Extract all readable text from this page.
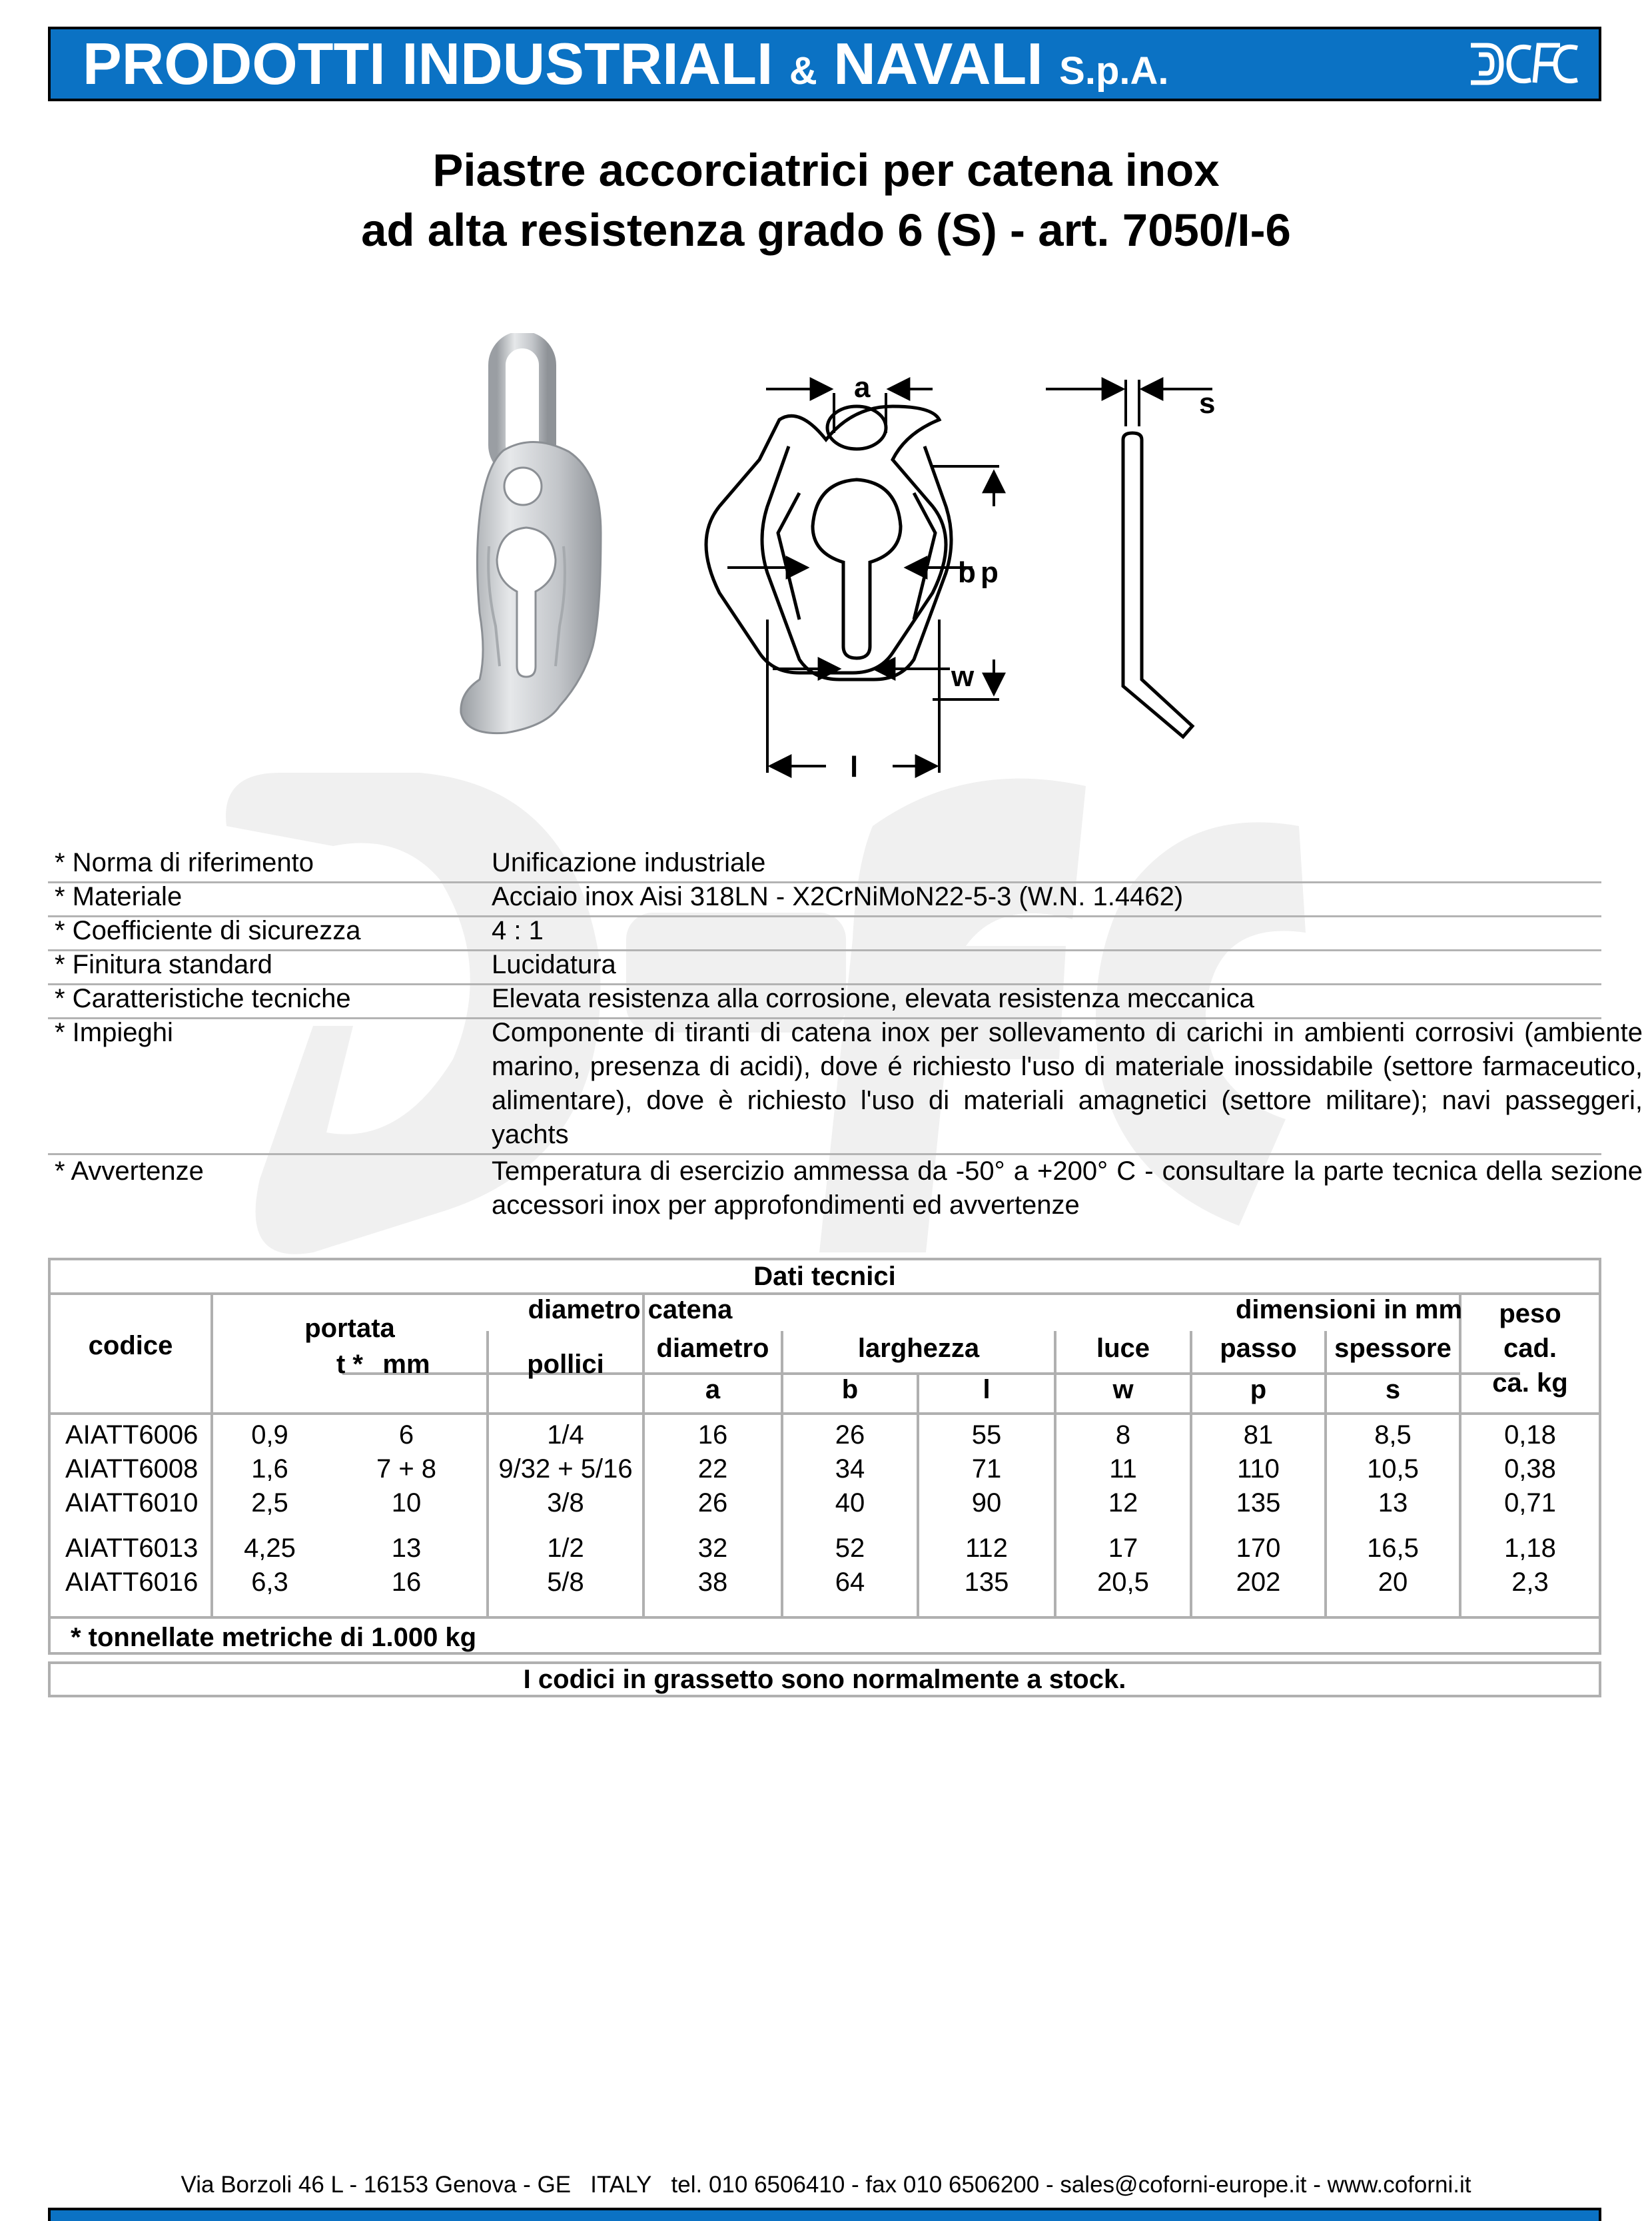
PRODOTTI INDUSTRIALI & NAVALI S.p.A.
Piastre accorciatrici per catena inox
ad alta resistenza grado 6 (S) - art. 7050/I-6
a	s
b p
w
l
* Norma di riferimento	Unificazione industriale
* Materiale	Acciaio inox Aisi 318LN - X2CrNiMoN22-5-3 (W.N. 1.4462)
* Coefficiente di sicurezza	4 : 1
* Finitura standard	Lucidatura
* Caratteristiche tecniche	Elevata resistenza alla corrosione, elevata resistenza meccanica
* Impieghi	Componente di tiranti di catena inox per sollevamento di carichi in ambienti corrosivi (ambiente marino, presenza di acidi), dove é richiesto l'uso di materiale inossidabile (settore farmaceutico, alimentare), dove è richiesto l'uso di materiali amagnetici (settore militare); navi passeggeri, yachts
* Avvertenze	Temperatura di esercizio ammessa da -50° a +200° C - consultare la parte tecnica della sezione accessori inox per approfondimenti ed avvertenze
Dati tecnici
codice
portata
t *
diametro catena
mm	pollici
dimensioni in mm
diametro
a
larghezza
b	l
luce
w
passo
p
spessore
s
peso
cad.
ca. kg
AIATT6006	0,9	6	1/4	16	26	55	8	81	8,5	0,18
AIATT6008	1,6	7 + 8	9/32 + 5/16	22	34	71	11	110	10,5	0,38
AIATT6010	2,5	10	3/8	26	40	90	12	135	13	0,71
AIATT6013	4,25	13	1/2	32	52	112	17	170	16,5	1,18
AIATT6016	6,3	16	5/8	38	64	135	20,5	202	20	2,3
* tonnellate metriche di 1.000 kg
I codici in grassetto sono normalmente a stock.
Via Borzoli 46 L - 16153 Genova - GE   ITALY   tel. 010 6506410 - fax 010 6506200 - sales@coforni-europe.it - www.coforni.it
